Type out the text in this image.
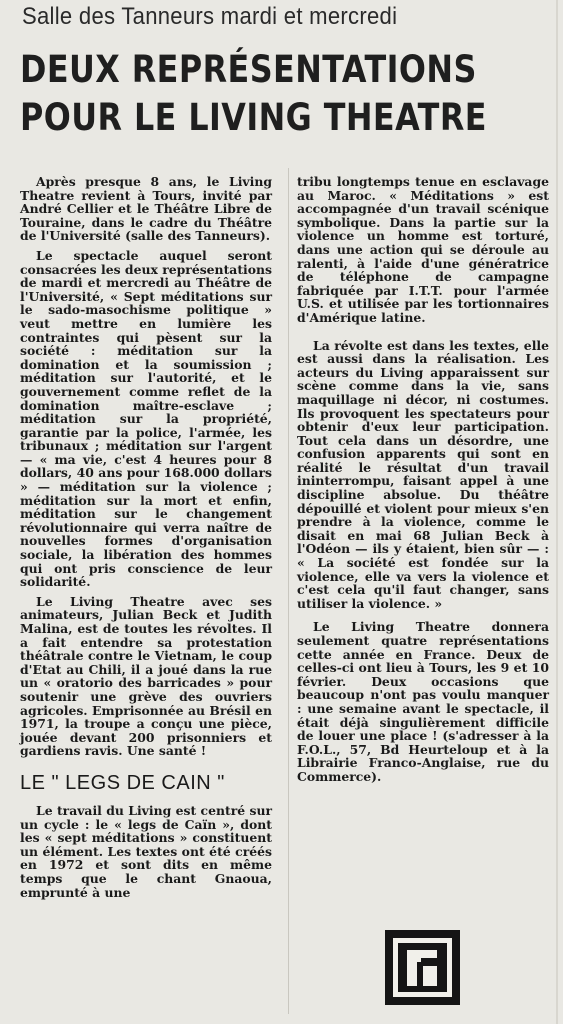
Salle des Tanneurs mardi et mercredi
DEUX REPRÉSENTATIONS
POUR LE LIVING THEATRE

Après presque 8 ans, le Living Theatre revient à Tours, invité par André Cellier et le Théâtre Libre de Touraine, dans le cadre du Théâtre de l'Université (salle des Tanneurs).

Le spectacle auquel seront consacrées les deux représentations de mardi et mercredi au Théâtre de l'Université, « Sept méditations sur le sado-masochisme politique » veut mettre en lumière les contraintes qui pèsent sur la société : méditation sur la domination et la soumission ; méditation sur l'autorité, et le gouvernement comme reflet de la domination maître-esclave ; méditation sur la propriété, garantie par la police, l'armée, les tribunaux ; méditation sur l'argent — « ma vie, c'est 4 heures pour 8 dollars, 40 ans pour 168.000 dollars » — méditation sur la violence ; méditation sur la mort et enfin, méditation sur le changement révolutionnaire qui verra naître de nouvelles formes d'organisation sociale, la libération des hommes qui ont pris conscience de leur solidarité.

Le Living Theatre avec ses animateurs, Julian Beck et Judith Malina, est de toutes les révoltes. Il a fait entendre sa protestation théâtrale contre le Vietnam, le coup d'Etat au Chili, il a joué dans la rue un « oratorio des barricades » pour soutenir une grève des ouvriers agricoles. Emprisonnée au Brésil en 1971, la troupe a conçu une pièce, jouée devant 200 prisonniers et gardiens ravis. Une santé !

LE " LEGS DE CAIN "

Le travail du Living est centré sur un cycle : le « legs de Caïn », dont les « sept méditations » constituent un élément. Les textes ont été créés en 1972 et sont dits en même temps que le chant Gnaoua, emprunté à une

tribu longtemps tenue en esclavage au Maroc. « Méditations » est accompagnée d'un travail scénique symbolique. Dans la partie sur la violence un homme est torturé, dans une action qui se déroule au ralenti, à l'aide d'une génératrice de téléphone de campagne fabriquée par I.T.T. pour l'armée U.S. et utilisée par les tortionnaires d'Amérique latine.

La révolte est dans les textes, elle est aussi dans la réalisation. Les acteurs du Living apparaissent sur scène comme dans la vie, sans maquillage ni décor, ni costumes. Ils provoquent les spectateurs pour obtenir d'eux leur participation. Tout cela dans un désordre, une confusion apparents qui sont en réalité le résultat d'un travail ininterrompu, faisant appel à une discipline absolue. Du théâtre dépouillé et violent pour mieux s'en prendre à la violence, comme le disait en mai 68 Julian Beck à l'Odéon — ils y étaient, bien sûr — : « La société est fondée sur la violence, elle va vers la violence et c'est cela qu'il faut changer, sans utiliser la violence. »

Le Living Theatre donnera seulement quatre représentations cette année en France. Deux de celles-ci ont lieu à Tours, les 9 et 10 février. Deux occasions que beaucoup n'ont pas voulu manquer : une semaine avant le spectacle, il était déjà singulièrement difficile de louer une place ! (s'adresser à la F.O.L., 57, Bd Heurteloup et à la Librairie Franco-Anglaise, rue du Commerce).
